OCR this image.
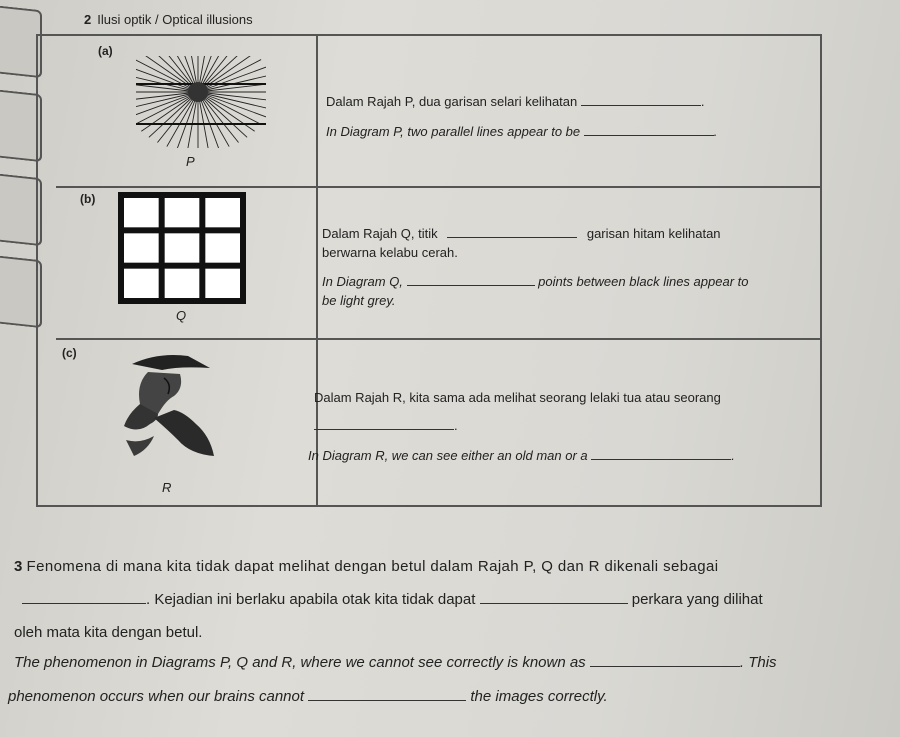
2 Ilusi optik / Optical illusions
(a)
P
Dalam Rajah P, dua garisan selari kelihatan	.
In Diagram P, two parallel lines appear to be	.
(b)
Q
Dalam Rajah Q, titik	garisan hitam kelihatan
berwarna kelabu cerah.
In Diagram Q,	points between black lines appear to
be light grey.
(c)
R
Dalam Rajah R, kita sama ada melihat seorang lelaki tua atau seorang
.
In Diagram R, we can see either an old man or a	.
3 Fenomena di mana kita tidak dapat melihat dengan betul dalam Rajah P, Q dan R dikenali sebagai
. Kejadian ini berlaku apabila otak kita tidak dapat	perkara yang dilihat
oleh mata kita dengan betul.
The phenomenon in Diagrams P, Q and R, where we cannot see correctly is known as	. This
phenomenon occurs when our brains cannot	the images correctly.
